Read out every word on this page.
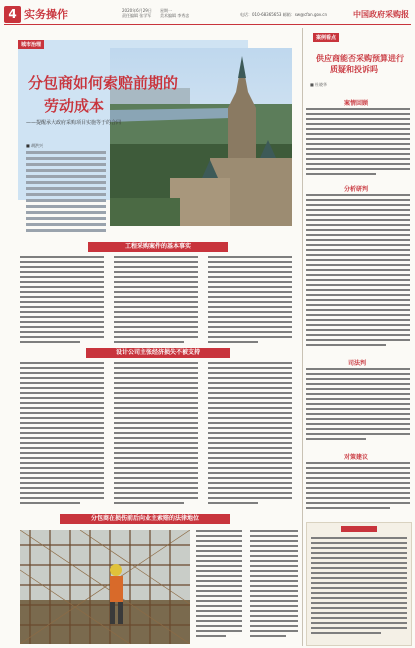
4 实务操作	2020年6月29日 星期一
责任编辑 张学军 美术编辑 李秀忠	电话：010-68365653 邮箱：sw@cfan.gov.cn	中国政府采购报
城市治理
分包商如何索赔前期的
劳动成本
——提醒承大政府采购项目实施等于的合同
■ 胡洪兴
工程采购案件的基本事实
设计公司主张经济损失不被支持
分包商在损伤前后向业主索赔的法律地位
案例看点
供应商能否采购预算进行
质疑和投诉吗
■ 杜晓华
案情回顾
分析研判
司法判
对策建议
